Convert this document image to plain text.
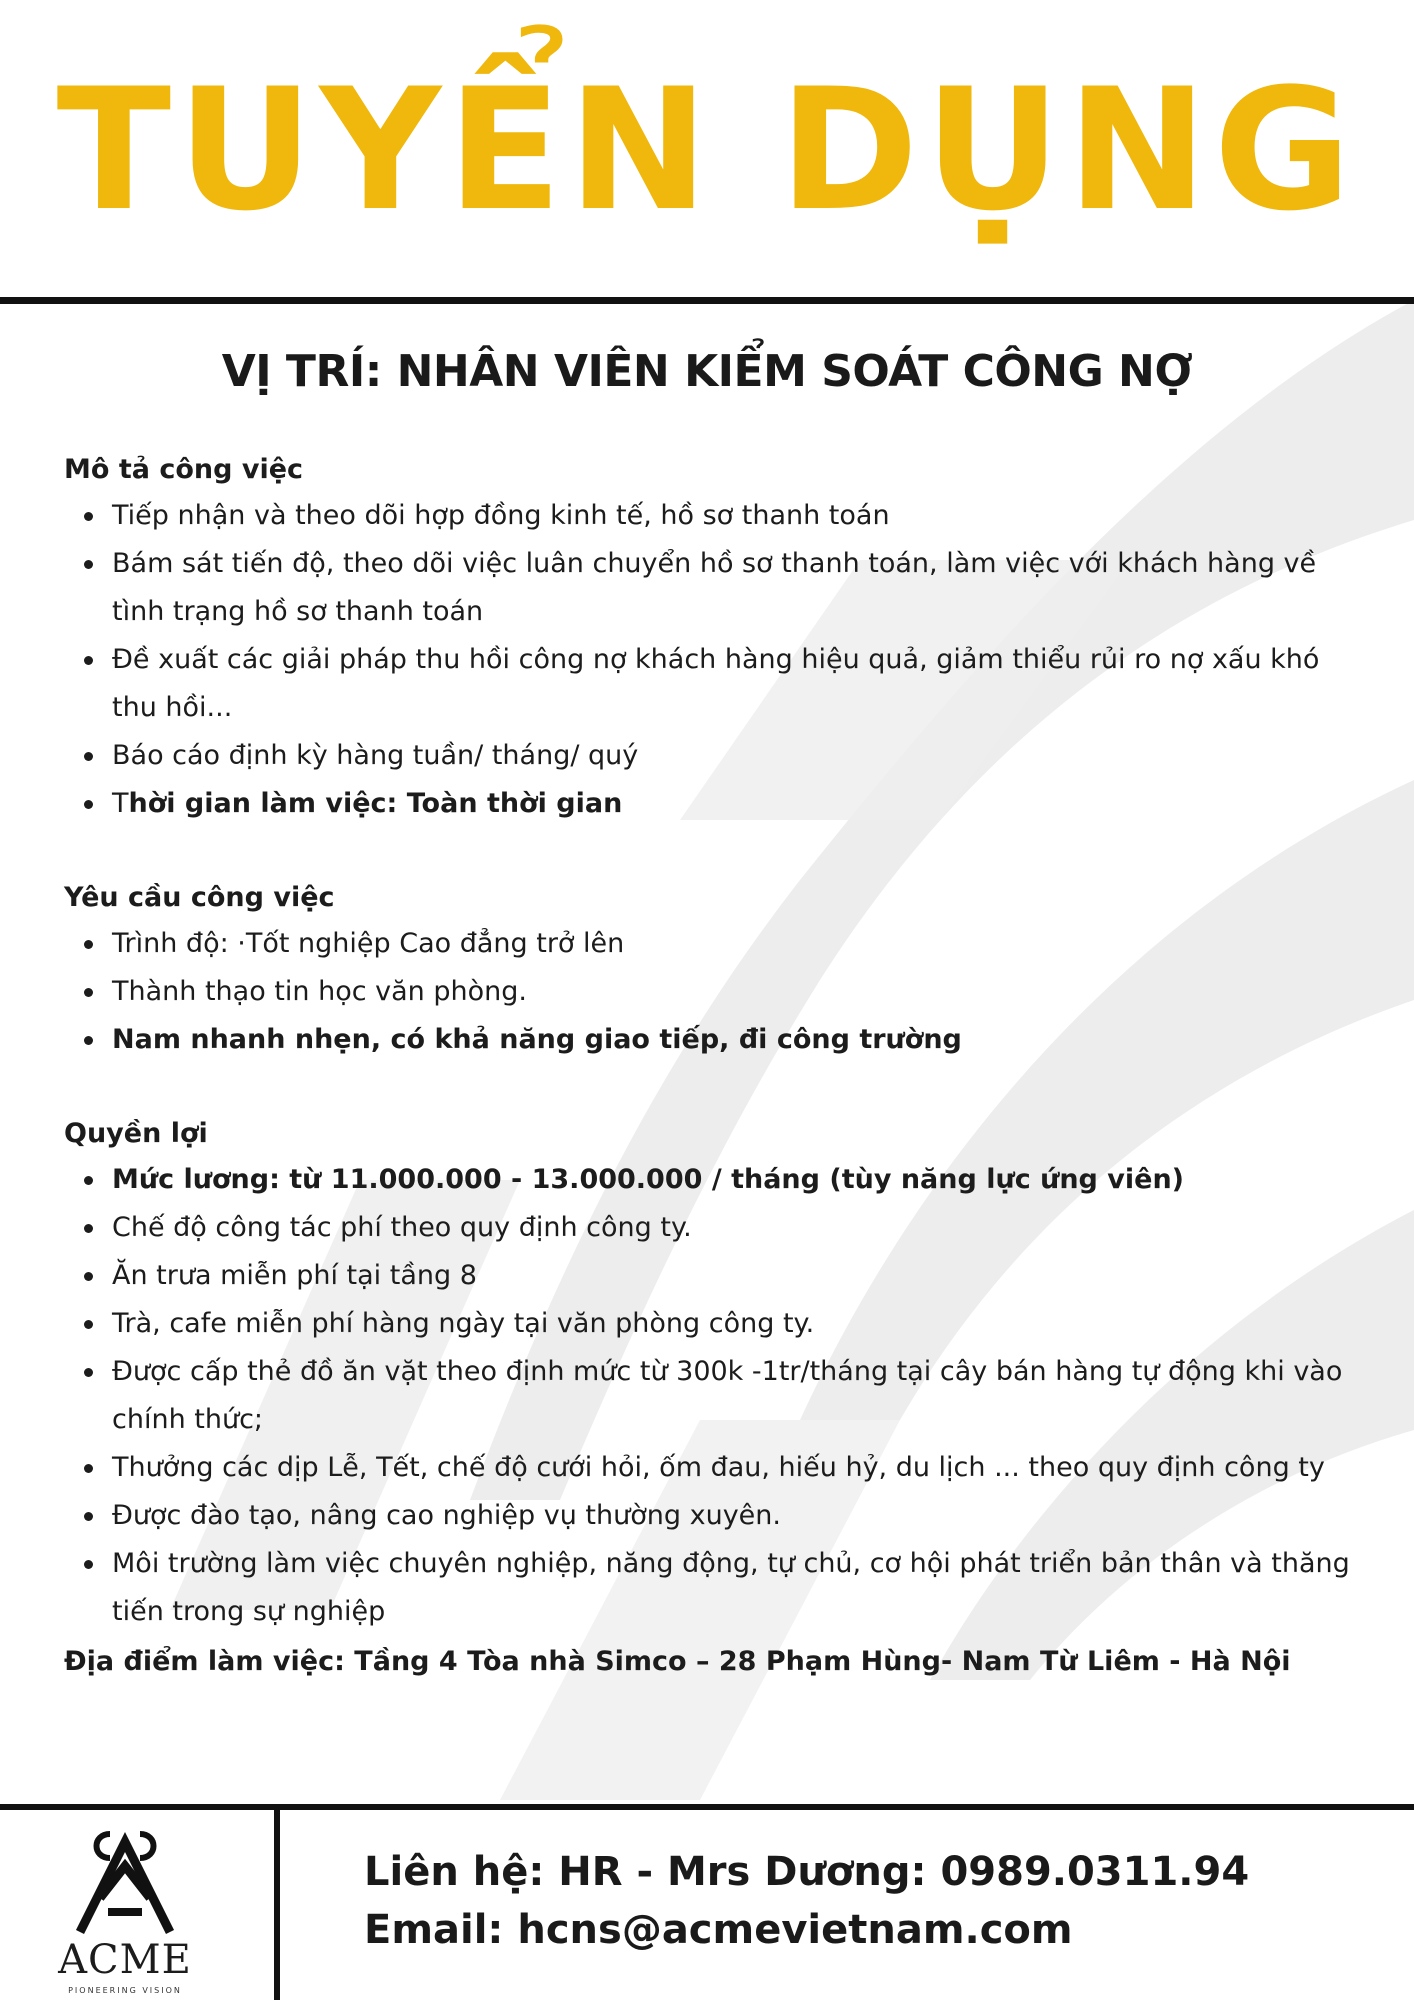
TUYỂN DỤNG
VỊ TRÍ: NHÂN VIÊN KIỂM SOÁT CÔNG NỢ

Mô tả công việc

Tiếp nhận và theo dõi hợp đồng kinh tế, hồ sơ thanh toán
Bám sát tiến độ, theo dõi việc luân chuyển hồ sơ thanh toán, làm việc với khách hàng về tình trạng hồ sơ thanh toán
Đề xuất các giải pháp thu hồi công nợ khách hàng hiệu quả, giảm thiểu rủi ro nợ xấu khó thu hồi...
Báo cáo định kỳ hàng tuần/ tháng/ quý
Thời gian làm việc: Toàn thời gian

Yêu cầu công việc

Trình độ: ·Tốt nghiệp Cao đẳng trở lên
Thành thạo tin học văn phòng.
Nam nhanh nhẹn, có khả năng giao tiếp, đi công trường

Quyền lợi

Mức lương: từ 11.000.000 - 13.000.000 / tháng (tùy năng lực ứng viên)
Chế độ công tác phí theo quy định công ty.
Ăn trưa miễn phí tại tầng 8
Trà, cafe miễn phí hàng ngày tại văn phòng công ty.
Được cấp thẻ đồ ăn vặt theo định mức từ 300k -1tr/tháng tại cây bán hàng tự động khi vào chính thức;
Thưởng các dịp Lễ, Tết, chế độ cưới hỏi, ốm đau, hiếu hỷ, du lịch ... theo quy định công ty
Được đào tạo, nâng cao nghiệp vụ thường xuyên.
Môi trường làm việc chuyên nghiệp, năng động, tự chủ, cơ hội phát triển bản thân và thăng tiến trong sự nghiệp
Địa điểm làm việc: Tầng 4 Tòa nhà Simco – 28 Phạm Hùng- Nam Từ Liêm - Hà Nội
ACME
PIONEERING VISION
Liên hệ: HR - Mrs Dương: 0989.0311.94
Email: hcns@acmevietnam.com
